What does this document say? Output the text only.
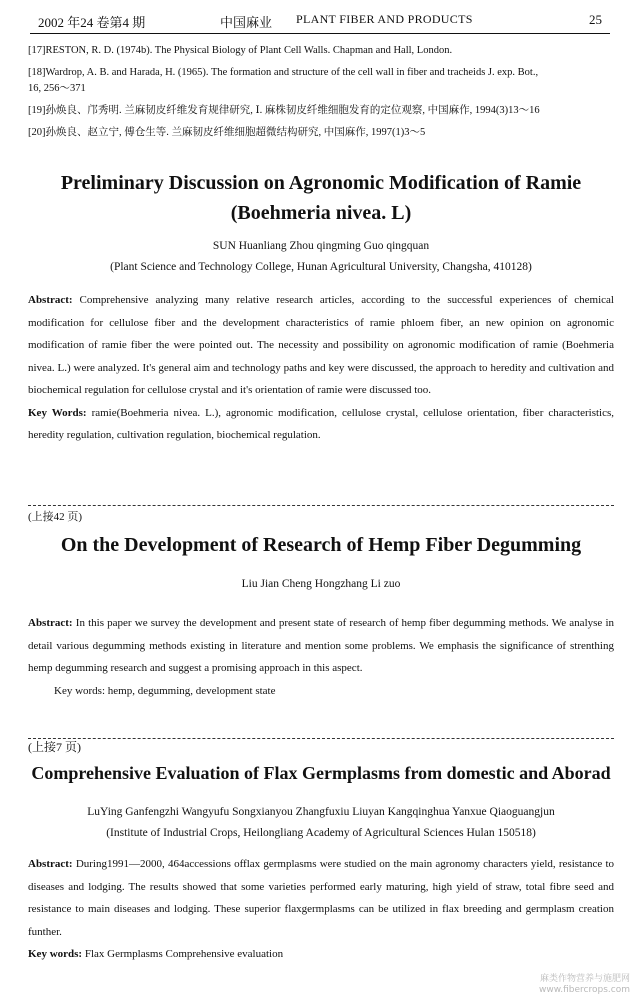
2002 年24 卷第4 期	中国麻业 PLANT FIBER AND PRODUCTS	25
[17]RESTON, R. D. (1974b). The Physical Biology of Plant Cell Walls. Chapman and Hall, London.
[18]Wardrop, A. B. and Harada, H. (1965). The formation and structure of the cell wall in fiber and tracheids J. exp. Bot.,
16, 256～371
[19]孙焕良、邝秀明. 兰麻韧皮纤维发育规律研究, Ⅰ. 麻株韧皮纤维细胞发育的定位观察, 中国麻作, 1994(3)13～16
[20]孙焕良、赵立宁, 傅仓生等. 兰麻韧皮纤维细胞超微结构研究, 中国麻作, 1997(1)3～5
Preliminary Discussion on Agronomic Modification of Ramie
(Boehmeria nivea. L)
SUN Huanliang Zhou qingming Guo qingquan
(Plant Science and Technology College, Hunan Agricultural University, Changsha, 410128)
Abstract: Comprehensive analyzing many relative research articles, according to the successful experiences of chemical modification for cellulose fiber and the development characteristics of ramie phloem fiber, an new opinion on agronomic modification of ramie fiber the were pointed out. The necessity and possibility on agronomic modification of ramie (Boehmeria nivea. L.) were analyzed. It's general aim and technology paths and key were discussed, the approach to heredity and cultivation and biochemical regulation for cellulose crystal and it's orientation of ramie were discussed too.
Key Words: ramie(Boehmeria nivea. L.), agronomic modification, cellulose crystal, cellulose orientation, fiber characteristics, heredity regulation, cultivation regulation, biochemical regulation.
(上接42 页)
On the Development of Research of Hemp Fiber Degumming
Liu Jian Cheng Hongzhang Li zuo
Abstract: In this paper we survey the development and present state of research of hemp fiber degumming methods. We analyse in detail various degumming methods existing in literature and mention some problems. We emphasis the significance of strenthing hemp degumming research and suggest a promising approach in this aspect.
Key words: hemp, degumming, development state
(上接7 页)
Comprehensive Evaluation of Flax Germplasms from domestic and Aborad
LuYing Ganfengzhi Wangyufu Songxianyou Zhangfuxiu Liuyan Kangqinghua Yanxue Qiaoguangjun
(Institute of Industrial Crops, Heilongliang Academy of Agricultural Sciences Hulan 150518)
Abstract: During1991—2000, 464accessions offlax germplasms were studied on the main agronomy characters yield, resistance to diseases and lodging. The results showed that some varieties performed early maturing, high yield of straw, total fibre seed and resistance to main diseases and lodging. These superior flaxgermplasms can be utilized in flax breeding and germplasm creation funther.
Key words: Flax Germplasms Comprehensive evaluation
麻类作物营养与施肥网
www.fibercrops.com
